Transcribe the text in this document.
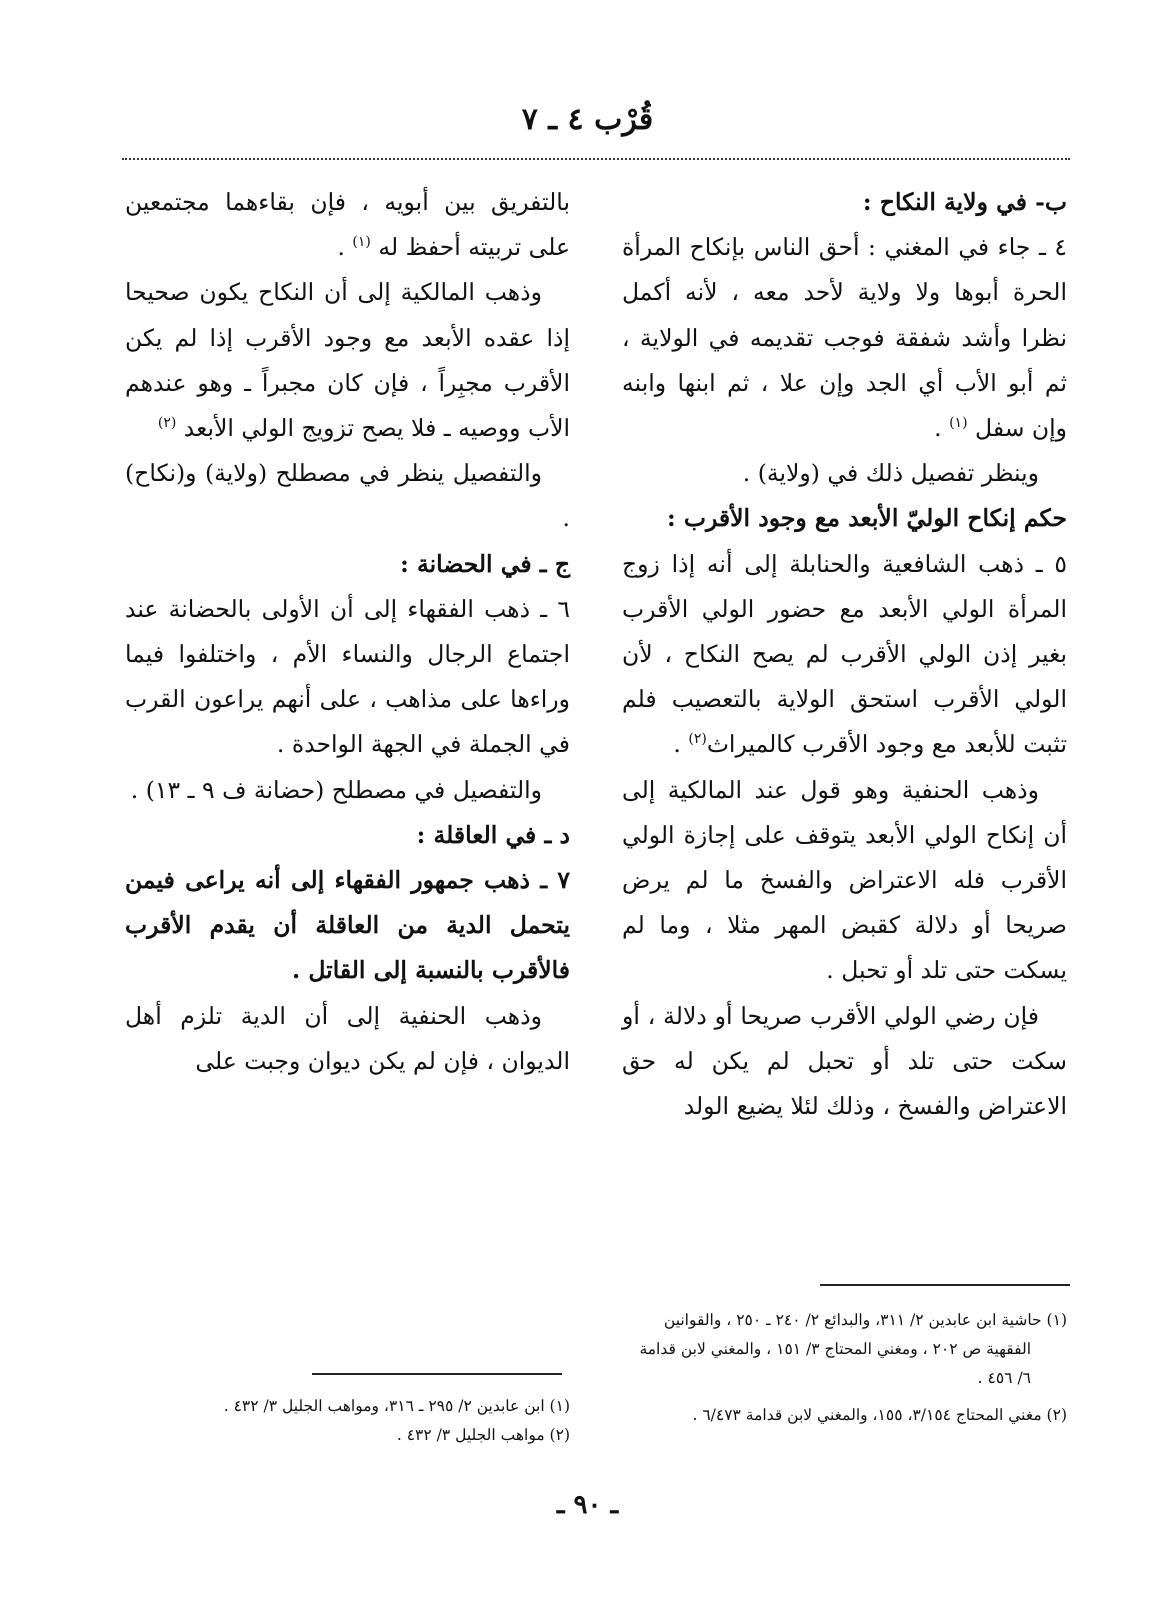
قُرْب ٤ ـ ٧

ب- في ولاية النكاح :

٤ ـ جاء في المغني : أحق الناس بإنكاح المرأة الحرة أبوها ولا ولاية لأحد معه ، لأنه أكمل نظرا وأشد شفقة فوجب تقديمه في الولاية ، ثم أبو الأب أي الجد وإن علا ، ثم ابنها وابنه وإن سفل $^{(١)}$ .

وينظر تفصيل ذلك في (ولاية) .

حكم إنكاح الوليّ الأبعد مع وجود الأقرب :

٥ ـ ذهب الشافعية والحنابلة إلى أنه إذا زوج المرأة الولي الأبعد مع حضور الولي الأقرب بغير إذن الولي الأقرب لم يصح النكاح ، لأن الولي الأقرب استحق الولاية بالتعصيب فلم تثبت للأبعد مع وجود الأقرب كالميراث$^{(٢)}$ .

وذهب الحنفية وهو قول عند المالكية إلى أن إنكاح الولي الأبعد يتوقف على إجازة الولي الأقرب فله الاعتراض والفسخ ما لم يرض صريحا أو دلالة كقبض المهر مثلا ، وما لم يسكت حتى تلد أو تحبل .

فإن رضي الولي الأقرب صريحا أو دلالة ، أو سكت حتى تلد أو تحبل لم يكن له حق الاعتراض والفسخ ، وذلك لئلا يضيع الولد

بالتفريق بين أبويه ، فإن بقاءهما مجتمعين على تربيته أحفظ له $^{(١)}$ .

وذهب المالكية إلى أن النكاح يكون صحيحا إذا عقده الأبعد مع وجود الأقرب إذا لم يكن الأقرب مجبِراً ، فإن كان مجبراً ـ وهو عندهم الأب ووصيه ـ فلا يصح تزويج الولي الأبعد $^{(٢)}$

والتفصيل ينظر في مصطلح (ولاية) و(نكاح) .

ج ـ في الحضانة :

٦ ـ ذهب الفقهاء إلى أن الأولى بالحضانة عند اجتماع الرجال والنساء الأم ، واختلفوا فيما وراءها على مذاهب ، على أنهم يراعون القرب في الجملة في الجهة الواحدة .

والتفصيل في مصطلح (حضانة ف ٩ ـ ١٣) .

د ـ في العاقلة :

٧ ـ ذهب جمهور الفقهاء إلى أنه يراعى فيمن يتحمل الدية من العاقلة أن يقدم الأقرب فالأقرب بالنسبة إلى القاتل .

وذهب الحنفية إلى أن الدية تلزم أهل الديوان ، فإن لم يكن ديوان وجبت على

(١) حاشية ابن عابدين ٢/ ٣١١، والبدائع ٢/ ٢٤٠ ـ ٢٥٠ ، والقوانين الفقهية ص ٢٠٢ ، ومغني المحتاج ٣/ ١٥١ ، والمغني لابن قدامة ٦/ ٤٥٦ .

(٢) مغني المحتاج ٣/١٥٤، ١٥٥، والمغني لابن قدامة ٦/٤٧٣ .

(١) ابن عابدين ٢/ ٢٩٥ ـ ٣١٦، ومواهب الجليل ٣/ ٤٣٢ .

(٢) مواهب الجليل ٣/ ٤٣٢ .

ـ ٩٠ ـ
